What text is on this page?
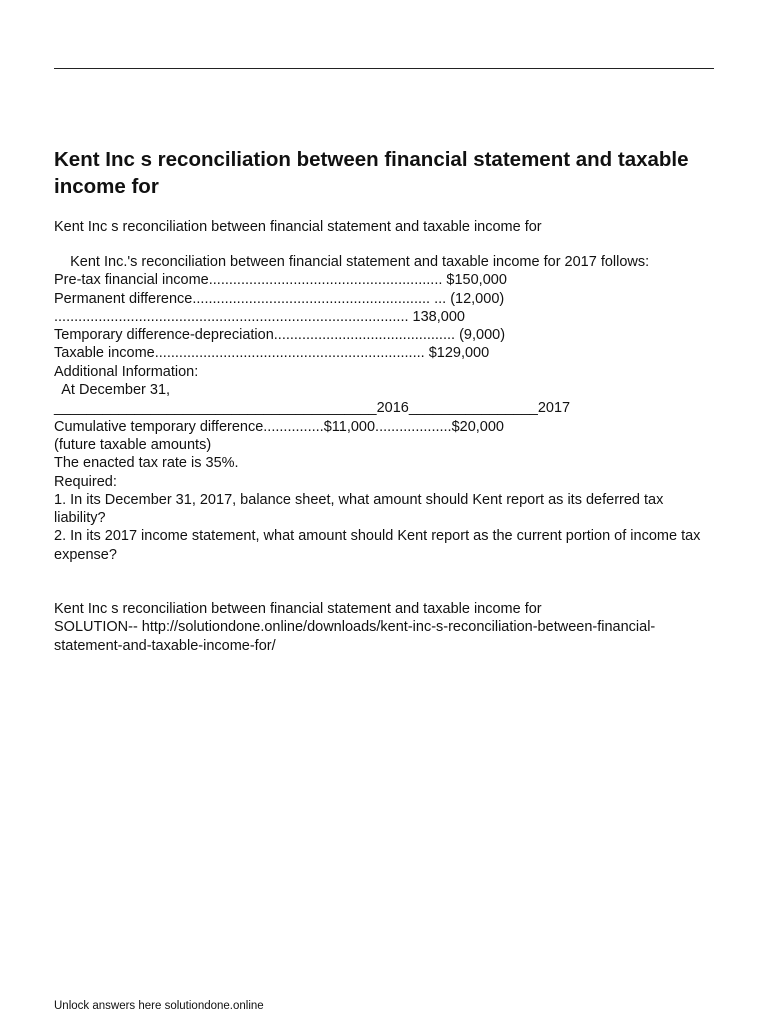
Kent Inc s reconciliation between financial statement and taxable income for

Kent Inc s reconciliation between financial statement and taxable income for

Kent Inc.'s reconciliation between financial statement and taxable income for 2017 follows:
Pre-tax financial income.......................................................... $150,000
Permanent difference........................................................... ... (12,000)
........................................................................................ 138,000
Temporary difference-depreciation............................................. (9,000)
Taxable income................................................................... $129,000
Additional Information:
At December 31,
________________________________________2016________________2017
Cumulative temporary difference...............$11,000...................$20,000
(future taxable amounts)
The enacted tax rate is 35%.
Required:
1. In its December 31, 2017, balance sheet, what amount should Kent report as its deferred tax liability?
2. In its 2017 income statement, what amount should Kent report as the current portion of income tax expense?
Kent Inc s reconciliation between financial statement and taxable income for
SOLUTION-- http://solutiondone.online/downloads/kent-inc-s-reconciliation-between-financial-
statement-and-taxable-income-for/
Unlock answers here solutiondone.online
